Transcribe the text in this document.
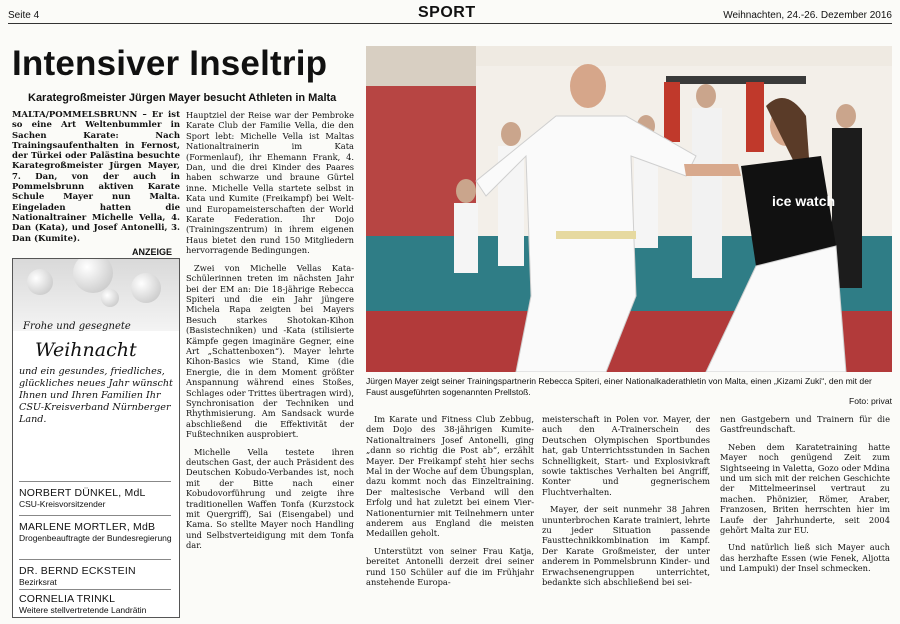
Seite 4	SPORT	Weihnachten, 24.-26. Dezember 2016
Intensiver Inseltrip
Karategroßmeister Jürgen Mayer besucht Athleten in Malta

MALTA/POMMELSBRUNN – Er ist so eine Art Weltenbummler in Sachen Karate: Nach Trainingsaufenthalten in Fernost, der Türkei oder Palästina besuchte Karategroßmeister Jürgen Mayer, 7. Dan, von der auch in Pommelsbrunn aktiven Karate Schule Mayer nun Malta. Eingeladen hatten die Nationaltrainer Michelle Vella, 4. Dan (Kata), und Josef Antonelli, 3. Dan (Kumite).

ANZEIGE
Frohe und gesegnete
Weihnacht
und ein gesundes, friedliches, glückliches neues Jahr wünscht Ihnen und Ihren Familien Ihr CSU-Kreisverband Nürnberger Land.
NORBERT DÜNKEL, MdL
CSU-Kreisvorsitzender
MARLENE MORTLER, MdB
Drogenbeauftragte der Bundesregierung
DR. BERND ECKSTEIN
Bezirksrat
CORNELIA TRINKL
Weitere stellvertretende Landrätin

Hauptziel der Reise war der Pembroke Karate Club der Familie Vella, die den Sport lebt: Michelle Vella ist Maltas Nationaltrainerin im Kata (Formenlauf), ihr Ehemann Frank, 4. Dan, und die drei Kinder des Paares haben schwarze und braune Gürtel inne. Michelle Vella startete selbst in Kata und Kumite (Freikampf) bei Welt- und Europameisterschaften der World Karate Federation. Ihr Dojo (Trainingszentrum) in ihrem eigenen Haus bietet den rund 150 Mitgliedern hervorragende Bedingungen.

Zwei von Michelle Vellas Kata-Schülerinnen treten im nächsten Jahr bei der EM an: Die 18-jährige Rebecca Spiteri und die ein Jahr jüngere Michela Rapa zeigten bei Mayers Besuch starkes Shotokan-Kihon (Basistechniken) und -Kata (stilisierte Kämpfe gegen imaginäre Gegner, eine Art „Schattenboxen“). Mayer lehrte Kihon-Basics wie Stand, Kime (die Energie, die in dem Moment größter Anspannung während eines Stoßes, Schlages oder Trittes übertragen wird), Synchronisation der Techniken und Rhythmisierung. Am Sandsack wurde abschließend die Effektivität der Fußtechniken ausprobiert.

Michelle Vella testete ihren deutschen Gast, der auch Präsident des Deutschen Kobudo-Verbandes ist, noch mit der Bitte nach einer Kobudovorführung und zeigte ihre traditionellen Waffen Tonfa (Kurzstock mit Quergriff), Sai (Eisengabel) und Kama. So stellte Mayer noch Handling und Selbstverteidigung mit dem Tonfa dar.

ice watch
Jürgen Mayer zeigt seiner Trainingspartnerin Rebecca Spiteri, einer Nationalkaderathletin von Malta, einen „Kizami Zuki“, den mit der Faust ausgeführten sogenannten Prellstoß.
Foto: privat

Im Karate und Fitness Club Zebbug, dem Dojo des 38-jährigen Kumite-Nationaltrainers Josef Antonelli, ging „dann so richtig die Post ab“, erzählt Mayer. Der Freikampf steht hier sechs Mal in der Woche auf dem Übungsplan, dazu kommt noch das Einzeltraining. Der maltesische Verband will den Erfolg und hat zuletzt bei einem Vier-Nationenturnier mit Teilnehmern unter anderem aus England die meisten Medaillen geholt.

Unterstützt von seiner Frau Katja, bereitet Antonelli derzeit drei seiner rund 150 Schüler auf die im Frühjahr anstehende Europa-

meisterschaft in Polen vor. Mayer, der auch den A-Trainerschein des Deutschen Olympischen Sportbundes hat, gab Unterrichtsstunden in Sachen Schnelligkeit, Start- und Explosivkraft sowie taktisches Verhalten bei Angriff, Konter und gegnerischem Fluchtverhalten.

Mayer, der seit nunmehr 38 Jahren ununterbrochen Karate trainiert, lehrte zu jeder Situation passende Fausttechnikkombination im Kampf. Der Karate Großmeister, der unter anderem in Pommelsbrunn Kinder- und Erwachsenengruppen unterrichtet, bedankte sich abschließend bei sei-

nen Gastgebern und Trainern für die Gastfreundschaft.

Neben dem Karatetraining hatte Mayer noch genügend Zeit zum Sightseeing in Valetta, Gozo oder Mdina und um sich mit der reichen Geschichte der Mittelmeerinsel vertraut zu machen. Phönizier, Römer, Araber, Franzosen, Briten herrschten hier im Laufe der Jahrhunderte, seit 2004 gehört Malta zur EU.

Und natürlich ließ sich Mayer auch das herzhafte Essen (wie Fenek, Aljotta und Lampuki) der Insel schmecken.
